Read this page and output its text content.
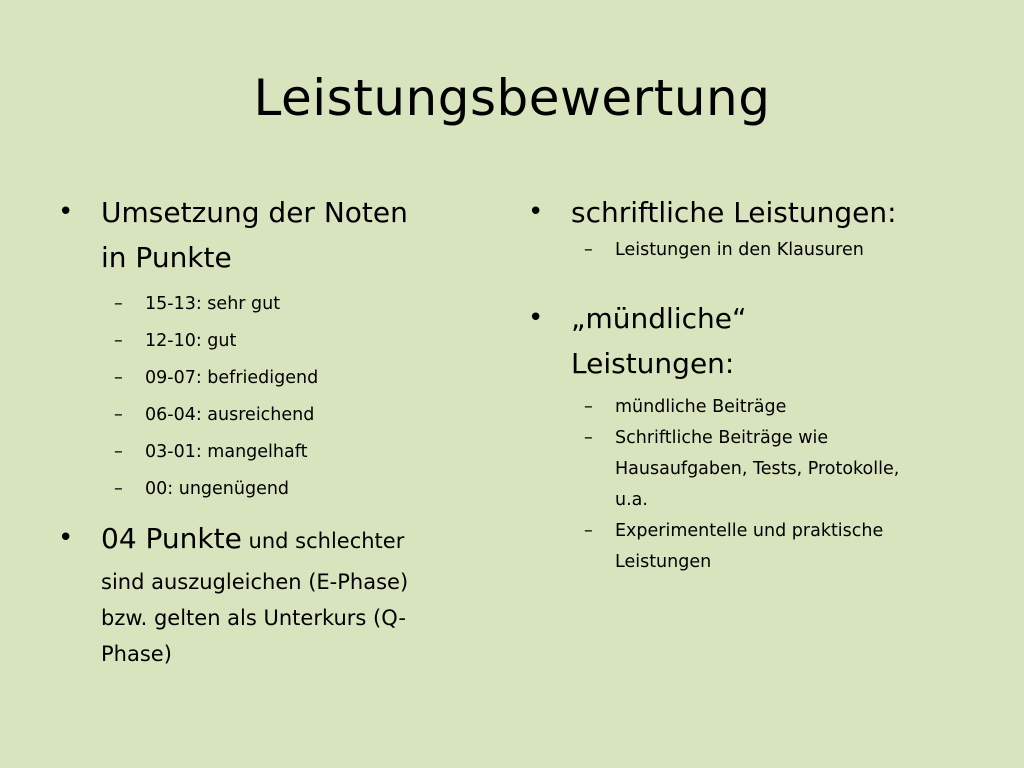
Leistungsbewertung
• Umsetzung der Noten
in Punkte
– 15-13: sehr gut
– 12-10: gut
– 09-07: befriedigend
– 06-04: ausreichend
– 03-01: mangelhaft
– 00: ungenügend
• 04 Punkte und schlechter
sind auszugleichen (E-Phase)
bzw. gelten als Unterkurs (Q-
Phase)
• schriftliche Leistungen:
– Leistungen in den Klausuren
• „mündliche“
Leistungen:
– mündliche Beiträge
– Schriftliche Beiträge wie
Hausaufgaben, Tests, Protokolle,
u.a.
– Experimentelle und praktische
Leistungen
